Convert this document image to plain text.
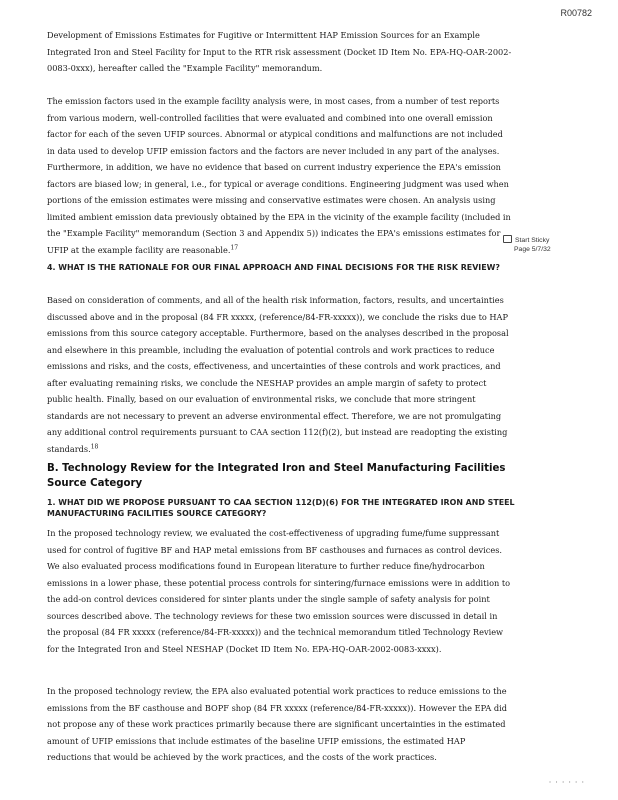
R00782
Development of Emissions Estimates for Fugitive or Intermittent HAP Emission Sources for an Example Integrated Iron and Steel Facility for Input to the RTR risk assessment (Docket ID Item No. EPA-HQ-OAR-2002-0083-0xxx), hereafter called the "Example Facility" memorandum.
The emission factors used in the example facility analysis were, in most cases, from a number of test reports from various modern, well-controlled facilities that were evaluated and combined into one overall emission factor for each of the seven UFIP sources. Abnormal or atypical conditions and malfunctions are not included in data used to develop UFIP emission factors and the factors are never included in any part of the analyses. Furthermore, in addition, we have no evidence that based on current industry experience the EPA's emission factors are biased low; in general, i.e., for typical or average conditions. Engineering judgment was used when portions of the emission estimates were missing and conservative estimates were chosen. An analysis using limited ambient emission data previously obtained by the EPA in the vicinity of the example facility (included in the "Example Facility" memorandum (Section 3 and Appendix 5)) indicates the EPA's emissions estimates for UFIP at the example facility are reasonable.$^{17}$
Start Sticky
Page 5/7/32
4. WHAT IS THE RATIONALE FOR OUR FINAL APPROACH AND FINAL DECISIONS FOR THE RISK REVIEW?
Based on consideration of comments, and all of the health risk information, factors, results, and uncertainties discussed above and in the proposal (84 FR xxxxx, (reference/84-FR-xxxxx)), we conclude the risks due to HAP emissions from this source category acceptable. Furthermore, based on the analyses described in the proposal and elsewhere in this preamble, including the evaluation of potential controls and work practices to reduce emissions and risks, and the costs, effectiveness, and uncertainties of these controls and work practices, and after evaluating remaining risks, we conclude the NESHAP provides an ample margin of safety to protect public health. Finally, based on our evaluation of environmental risks, we conclude that more stringent standards are not necessary to prevent an adverse environmental effect. Therefore, we are not promulgating any additional control requirements pursuant to CAA section 112(f)(2), but instead are readopting the existing standards.$^{18}$
B. Technology Review for the Integrated Iron and Steel Manufacturing Facilities Source Category
1. WHAT DID WE PROPOSE PURSUANT TO CAA SECTION 112(D)(6) FOR THE INTEGRATED IRON AND STEEL MANUFACTURING FACILITIES SOURCE CATEGORY?
In the proposed technology review, we evaluated the cost-effectiveness of upgrading fume/fume suppressant used for control of fugitive BF and HAP metal emissions from BF casthouses and furnaces as control devices. We also evaluated process modifications found in European literature to further reduce fine/hydrocarbon emissions in a lower phase, these potential process controls for sintering/furnace emissions were in addition to the add-on control devices considered for sinter plants under the single sample of safety analysis for point sources described above. The technology reviews for these two emission sources were discussed in detail in the proposal (84 FR xxxxx (reference/84-FR-xxxxx)) and the technical memorandum titled Technology Review for the Integrated Iron and Steel NESHAP (Docket ID Item No. EPA-HQ-OAR-2002-0083-xxxx).
In the proposed technology review, the EPA also evaluated potential work practices to reduce emissions to the emissions from the BF casthouse and BOPF shop (84 FR xxxxx (reference/84-FR-xxxxx)). However the EPA did not propose any of these work practices primarily because there are significant uncertainties in the estimated amount of UFIP emissions that include estimates of the baseline UFIP emissions, the estimated HAP reductions that would be achieved by the work practices, and the costs of the work practices.
······
